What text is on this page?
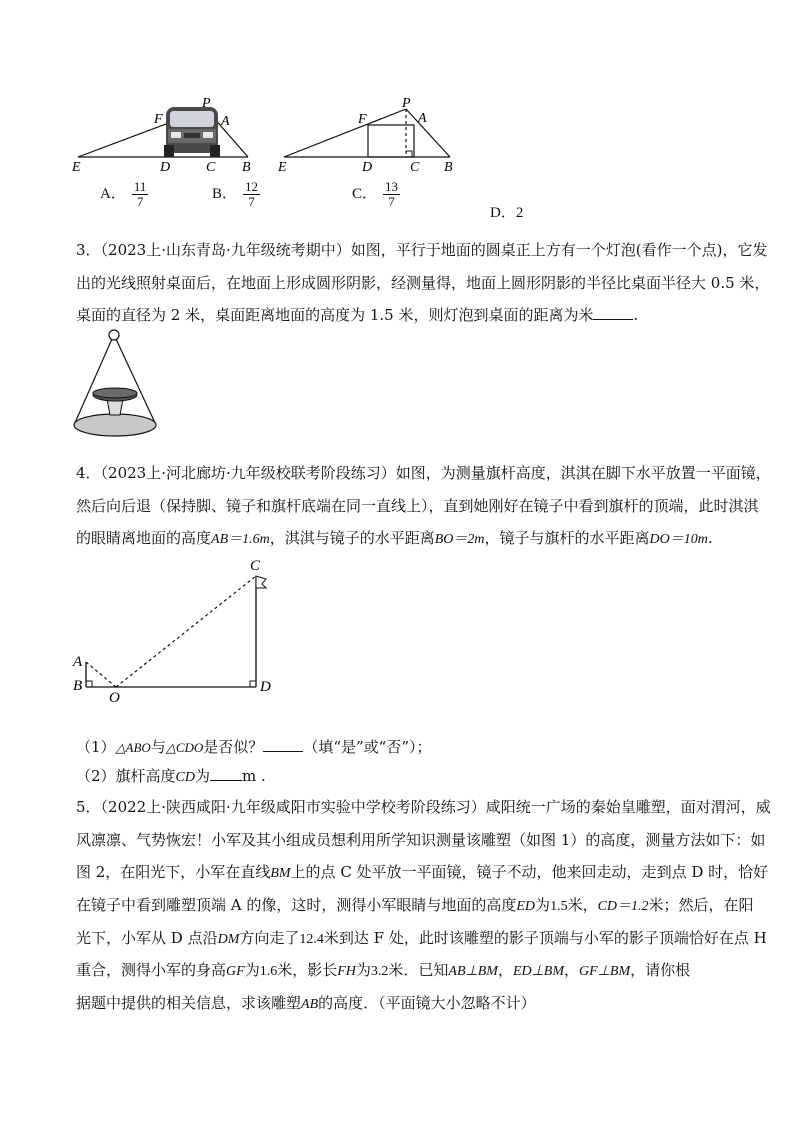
E
F
P
A
D	C B E
F
P
A
D	C B
A． $\frac{11}{7}$	B． $\frac{12}{7}$	C． $\frac{13}{7}$
D．2
3．（2023上·山东青岛·九年级统考期中）如图，平行于地面的圆桌正上方有一个灯泡(看作一个点)，它发
出的光线照射桌面后，在地面上形成圆形阴影，经测量得，地面上圆形阴影的半径比桌面半径大 0.5 米，
桌面的直径为 2 米，桌面距离地面的高度为 1.5 米，则灯泡到桌面的距离为米	.
4．（2023上·河北廊坊·九年级校联考阶段练习）如图，为测量旗杆高度，淇淇在脚下水平放置一平面镜，
然后向后退（保持脚、镜子和旗杆底端在同一直线上），直到她刚好在镜子中看到旗杆的顶端，此时淇淇
的眼睛离地面的高度AB＝1.6m，淇淇与镜子的水平距离BO＝2m，镜子与旗杆的水平距离DO＝10m.
C
A
B
O
D
（1）△ABO与△CDO是否似？	（填“是”或“否”）；
（2）旗杆高度CD为 m .
5．（2022上·陕西咸阳·九年级咸阳市实验中学校考阶段练习）咸阳统一广场的秦始皇雕塑，面对渭河，威
风凛凛、气势恢宏！小军及其小组成员想利用所学知识测量该雕塑（如图 1）的高度，测量方法如下：如
图 2，在阳光下，小军在直线BM上的点 C 处平放一平面镜，镜子不动，他来回走动，走到点 D 时，恰好
在镜子中看到雕塑顶端 A 的像，这时，测得小军眼睛与地面的高度ED为1.5米，CD＝1.2米；然后，在阳
光下，小军从 D 点沿DM方向走了12.4米到达 F 处，此时该雕塑的影子顶端与小军的影子顶端恰好在点 H
重合，测得小军的身高GF为1.6米，影长FH为3.2米．已知AB⊥BM，ED⊥BM，GF⊥BM，请你根
据题中提供的相关信息，求该雕塑AB的高度．（平面镜大小忽略不计）
